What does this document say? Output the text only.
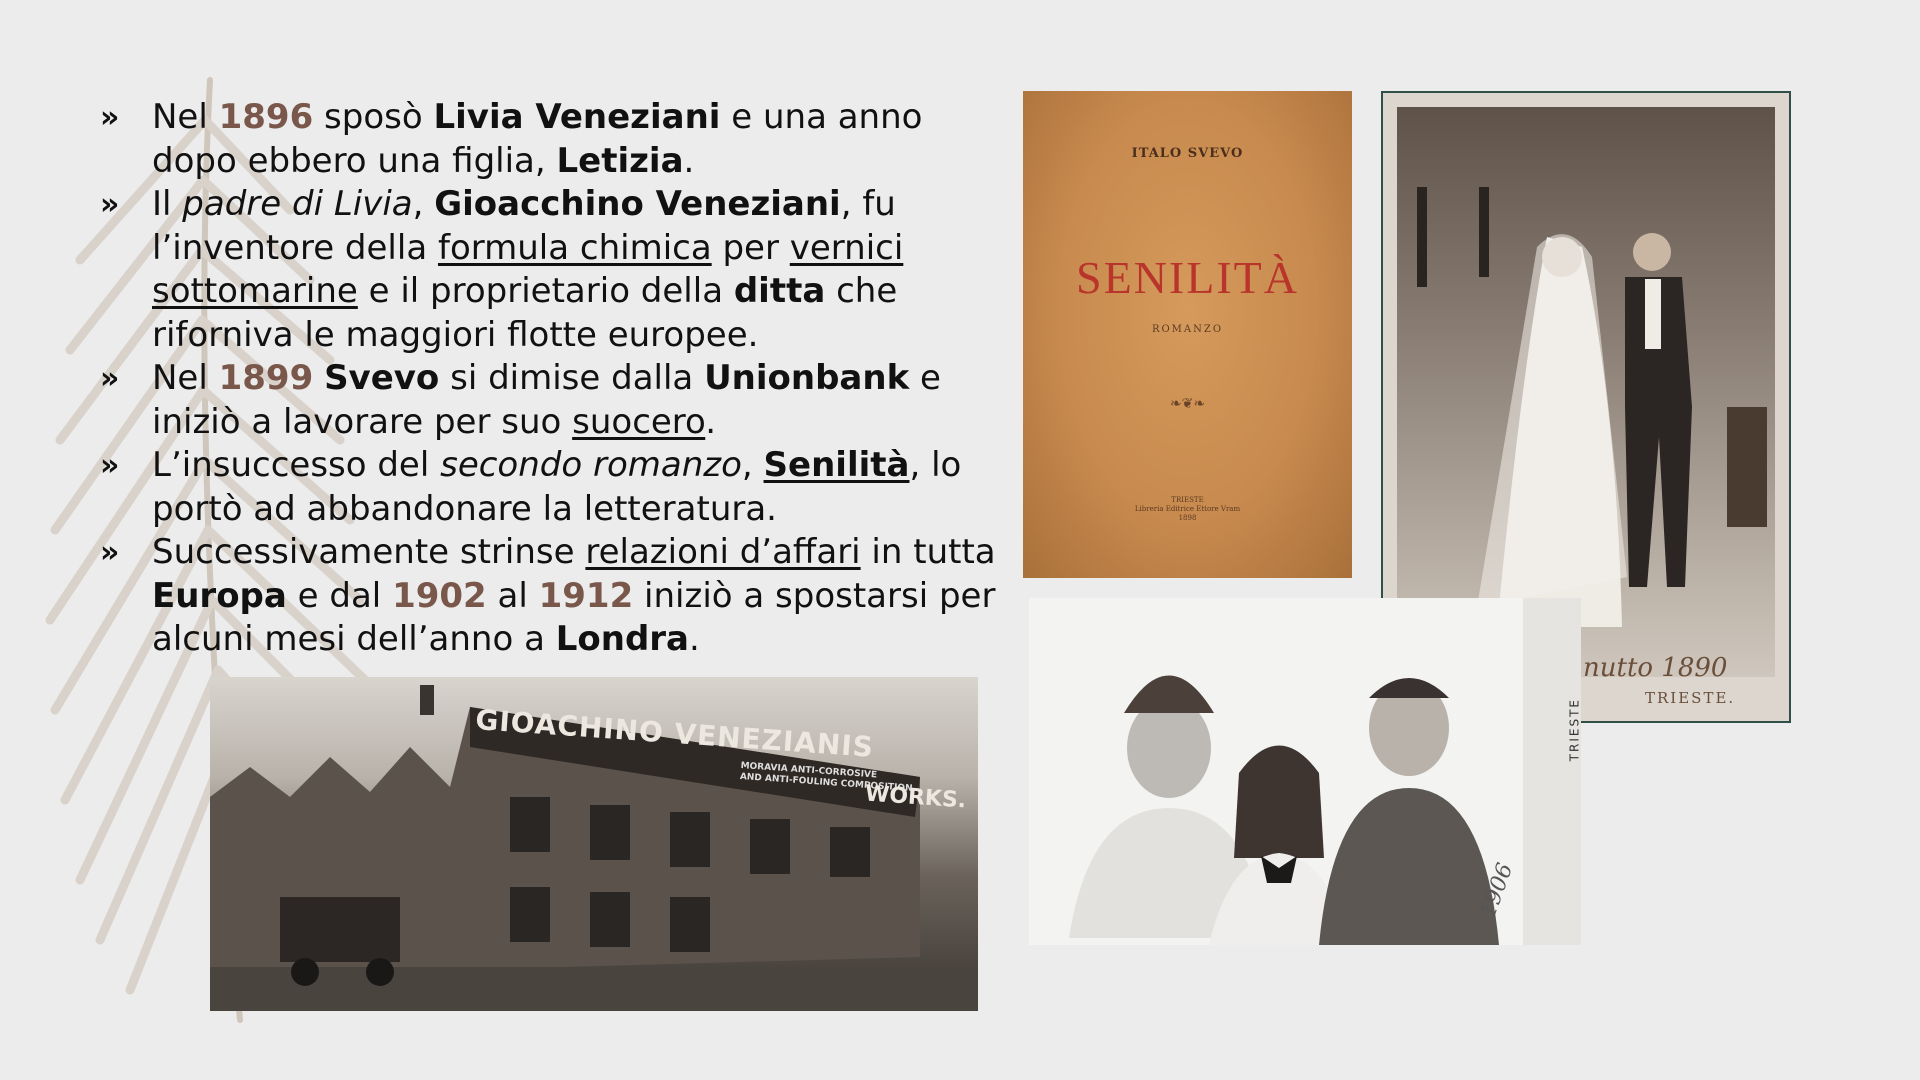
» Nel 1896 sposò Livia Veneziani e una anno dopo ebbero una figlia, Letizia.
» Il padre di Livia, Gioacchino Veneziani, fu l’inventore della formula chimica per vernici sottomarine e il proprietario della ditta che riforniva le maggiori flotte europee.
» Nel 1899 Svevo si dimise dalla Unionbank e iniziò a lavorare per suo suocero.
» L’insuccesso del secondo romanzo, Senilità, lo portò ad abbandonare la letteratura.
» Successivamente strinse relazioni d’affari in tutta Europa e dal 1902 al 1912 iniziò a spostarsi per alcuni mesi dell’anno a Londra.
ITALO SVEVO
SENILITÀ
ROMANZO
❧❦❧
TRIESTE
Libreria Editrice Ettore Vram
1898
nutto 1890
TRIESTE.
TRIESTE
1906
GIOACHINO VENEZIANIS
MORAVIA ANTI-CORROSIVE
AND ANTI-FOULING COMPOSITION
WORKS.
